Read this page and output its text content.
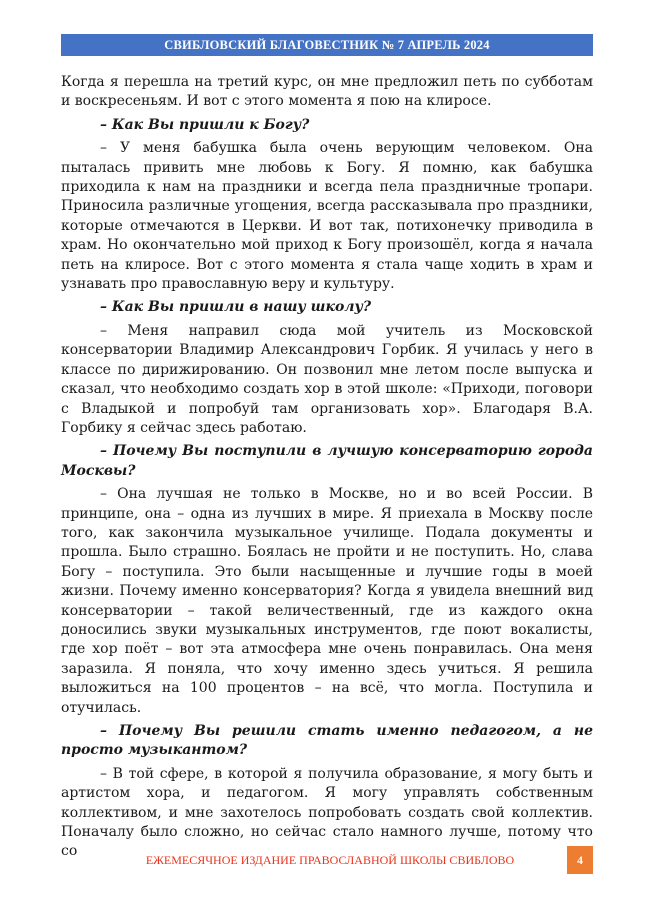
СВИБЛОВСКИЙ БЛАГОВЕСТНИК № 7 АПРЕЛЬ 2024

Когда я перешла на третий курс, он мне предложил петь по субботам и воскресеньям. И вот с этого момента я пою на клиросе.

– Как Вы пришли к Богу?

– У меня бабушка была очень верующим человеком. Она пыталась привить мне любовь к Богу. Я помню, как бабушка приходила к нам на праздники и всегда пела праздничные тропари. Приносила различные угощения, всегда рассказывала про праздники, которые отмечаются в Церкви. И вот так, потихонечку приводила в храм. Но окончательно мой приход к Богу произошёл, когда я начала петь на клиросе. Вот с этого момента я стала чаще ходить в храм и узнавать про православную веру и культуру.

– Как Вы пришли в нашу школу?

– Меня направил сюда мой учитель из Московской консерватории Владимир Александрович Горбик. Я училась у него в классе по дирижированию. Он позвонил мне летом после выпуска и сказал, что необходимо создать хор в этой школе: «Приходи, поговори с Владыкой и попробуй там организовать хор». Благодаря В.А. Горбику я сейчас здесь работаю.

– Почему Вы поступили в лучшую консерваторию города Москвы?

– Она лучшая не только в Москве, но и во всей России. В принципе, она – одна из лучших в мире. Я приехала в Москву после того, как закончила музыкальное училище. Подала документы и прошла. Было страшно. Боялась не пройти и не поступить. Но, слава Богу – поступила. Это были насыщенные и лучшие годы в моей жизни. Почему именно консерватория? Когда я увидела внешний вид консерватории – такой величественный, где из каждого окна доносились звуки музыкальных инструментов, где поют вокалисты, где хор поёт – вот эта атмосфера мне очень понравилась. Она меня заразила. Я поняла, что хочу именно здесь учиться. Я решила выложиться на 100 процентов – на всё, что могла. Поступила и отучилась.

– Почему Вы решили стать именно педагогом, а не просто музыкантом?

– В той сфере, в которой я получила образование, я могу быть и артистом хора, и педагогом. Я могу управлять собственным коллективом, и мне захотелось попробовать создать свой коллектив. Поначалу было сложно, но сейчас стало намного лучше, потому что со

ЕЖЕМЕСЯЧНОЕ ИЗДАНИЕ ПРАВОСЛАВНОЙ ШКОЛЫ СВИБЛОВО	4
